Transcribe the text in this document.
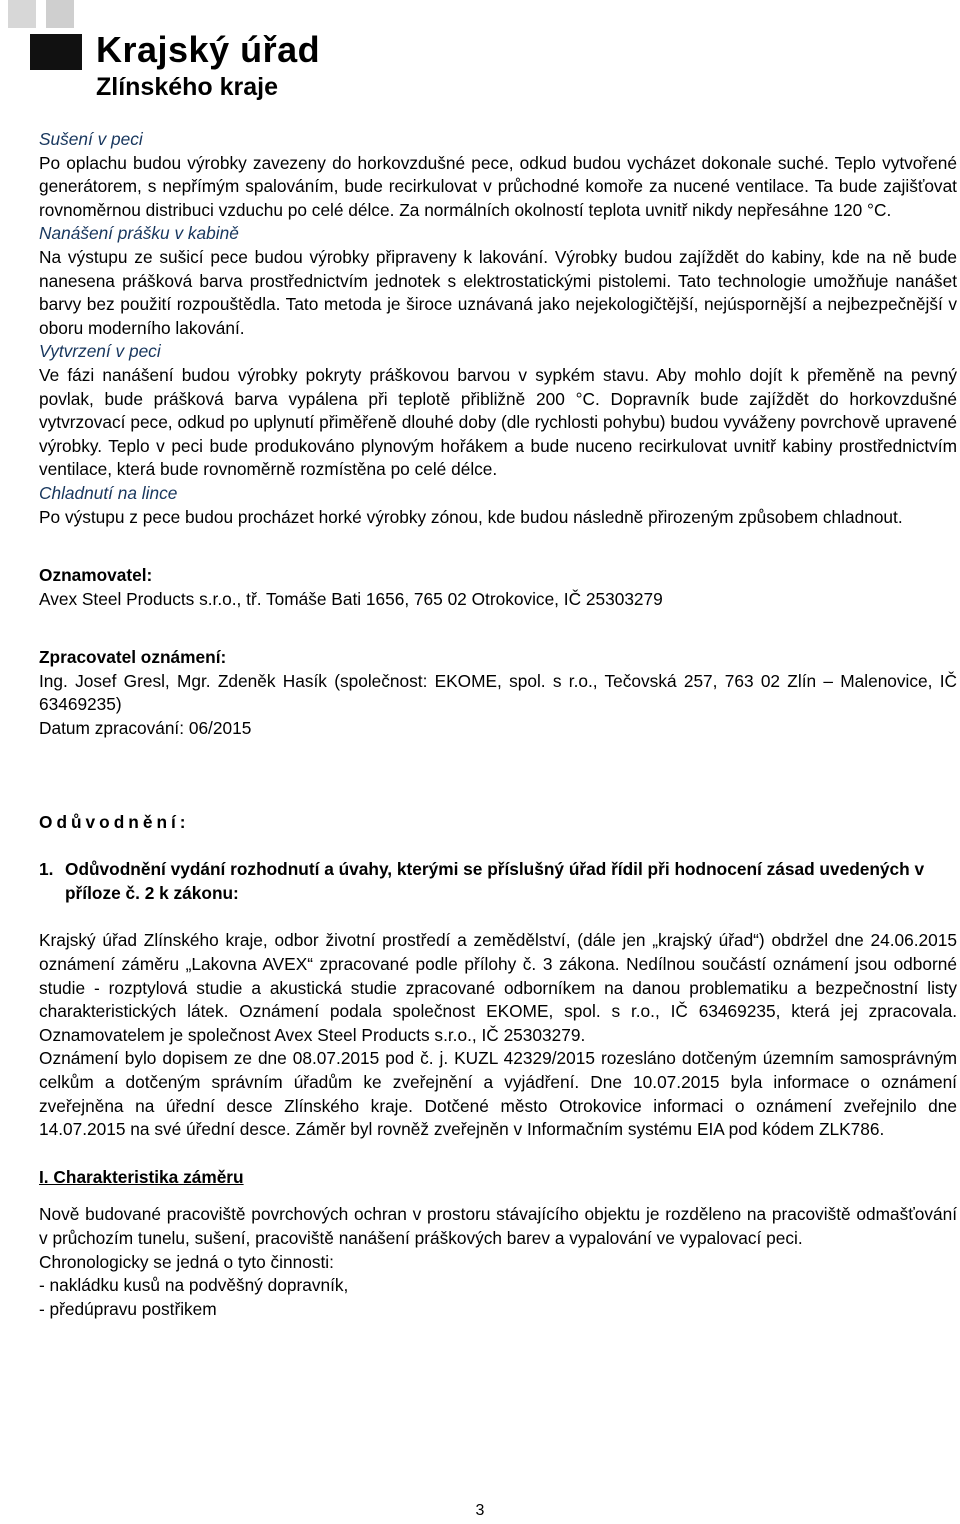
Krajský úřad
Zlínského kraje

Sušení v peci

Po oplachu budou výrobky zavezeny do horkovzdušné pece, odkud budou vycházet dokonale suché. Teplo vytvořené generátorem, s nepřímým spalováním, bude recirkulovat v průchodné komoře za nucené ventilace. Ta bude zajišťovat rovnoměrnou distribuci vzduchu po celé délce. Za normálních okolností teplota uvnitř nikdy nepřesáhne 120 °C.

Nanášení prášku v kabině

Na výstupu ze sušicí pece budou výrobky připraveny k lakování. Výrobky budou zajíždět do kabiny, kde na ně bude nanesena prášková barva prostřednictvím jednotek s elektrostatickými pistolemi. Tato technologie umožňuje nanášet barvy bez použití rozpouštědla. Tato metoda je široce uznávaná jako nejekologičtější, nejúspornější a nejbezpečnější v oboru moderního lakování.

Vytvrzení v peci

Ve fázi nanášení budou výrobky pokryty práškovou barvou v sypkém stavu. Aby mohlo dojít k přeměně na pevný povlak, bude prášková barva vypálena při teplotě přibližně 200 °C. Dopravník bude zajíždět do horkovzdušné vytvrzovací pece, odkud po uplynutí přiměřeně dlouhé doby (dle rychlosti pohybu) budou vyváženy povrchově upravené výrobky. Teplo v peci bude produkováno plynovým hořákem a bude nuceno recirkulovat uvnitř kabiny prostřednictvím ventilace, která bude rovnoměrně rozmístěna po celé délce.

Chladnutí na lince

Po výstupu z pece budou procházet horké výrobky zónou, kde budou následně přirozeným způsobem chladnout.

Oznamovatel:

Avex Steel Products s.r.o., tř. Tomáše Bati 1656, 765 02 Otrokovice, IČ 25303279

Zpracovatel oznámení:

Ing. Josef Gresl, Mgr. Zdeněk Hasík (společnost: EKOME, spol. s r.o., Tečovská 257, 763 02 Zlín – Malenovice, IČ 63469235)

Datum zpracování: 06/2015

Odůvodnění:

1. Odůvodnění vydání rozhodnutí a úvahy, kterými se příslušný úřad řídil při hodnocení zásad uvedených v příloze č. 2 k zákonu:

Krajský úřad Zlínského kraje, odbor životní prostředí a zemědělství, (dále jen „krajský úřad“) obdržel dne 24.06.2015 oznámení záměru „Lakovna AVEX“ zpracované podle přílohy č. 3 zákona. Nedílnou součástí oznámení jsou odborné studie - rozptylová studie a akustická studie zpracované odborníkem na danou problematiku a bezpečnostní listy charakteristických látek. Oznámení podala společnost EKOME, spol. s r.o., IČ 63469235, která jej zpracovala. Oznamovatelem je společnost Avex Steel Products s.r.o., IČ 25303279.

Oznámení bylo dopisem ze dne 08.07.2015 pod č. j. KUZL 42329/2015 rozesláno dotčeným územním samosprávným celkům a dotčeným správním úřadům ke zveřejnění a vyjádření. Dne 10.07.2015 byla informace o oznámení zveřejněna na úřední desce Zlínského kraje. Dotčené město Otrokovice informaci o oznámení zveřejnilo dne 14.07.2015 na své úřední desce. Záměr byl rovněž zveřejněn v Informačním systému EIA pod kódem ZLK786.

I. Charakteristika záměru

Nově budované pracoviště povrchových ochran v prostoru stávajícího objektu je rozděleno na pracoviště odmašťování v průchozím tunelu, sušení, pracoviště nanášení práškových barev a vypalování ve vypalovací peci.

Chronologicky se jedná o tyto činnosti:

- nakládku kusů na podvěšný dopravník,

- předúpravu postřikem

3
